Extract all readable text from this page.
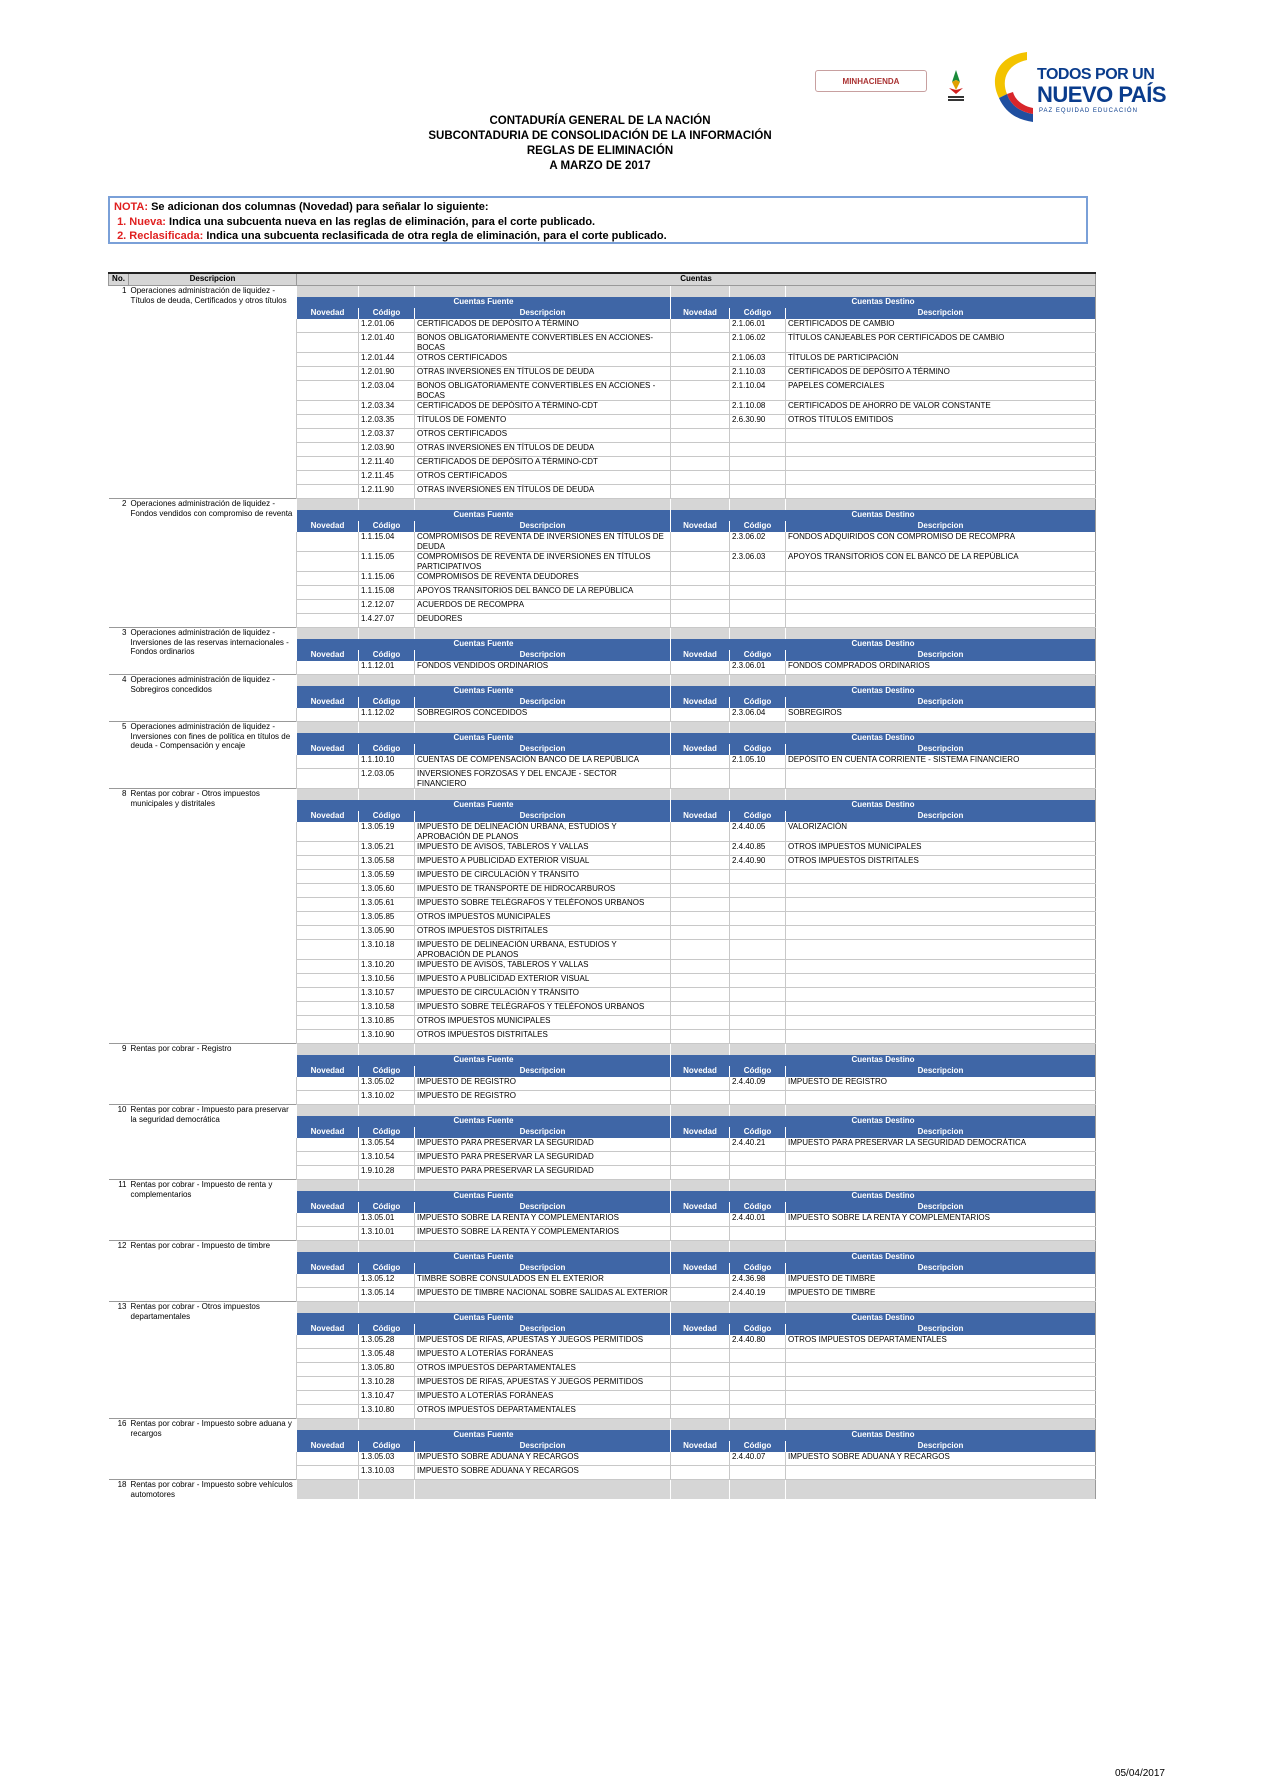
MINHACIENDA	TODOS POR UN
NUEVO PAÍS
PAZ EQUIDAD EDUCACIÓN
CONTADURÍA GENERAL DE LA NACIÓN
SUBCONTADURIA DE CONSOLIDACIÓN DE LA INFORMACIÓN
REGLAS DE ELIMINACIÓN
A MARZO DE 2017
NOTA: Se adicionan dos columnas (Novedad) para señalar lo siguiente:
1. Nueva: Indica una subcuenta nueva en las reglas de eliminación, para el corte publicado.
2. Reclasificada: Indica una subcuenta reclasificada de otra regla de eliminación, para el corte publicado.
No.	Descripcion	Cuentas					
1	Operaciones administración de liquidez - Títulos de deuda, Certificados y otros títulos						
		Cuentas Fuente			Cuentas Destino		
		Novedad	Código	Descripcion	Novedad	Código	Descripcion
			1.2.01.06	CERTIFICADOS DE DEPÓSITO A TÉRMINO		2.1.06.01	CERTIFICADOS DE CAMBIO
			1.2.01.40	BONOS OBLIGATORIAMENTE CONVERTIBLES EN ACCIONES- BOCAS		2.1.06.02	TÍTULOS CANJEABLES POR CERTIFICADOS DE CAMBIO
			1.2.01.44	OTROS CERTIFICADOS		2.1.06.03	TÍTULOS DE PARTICIPACIÓN
			1.2.01.90	OTRAS INVERSIONES EN TÍTULOS DE DEUDA		2.1.10.03	CERTIFICADOS DE DEPÓSITO A TÉRMINO
			1.2.03.04	BONOS OBLIGATORIAMENTE CONVERTIBLES EN ACCIONES - BOCAS		2.1.10.04	PAPELES COMERCIALES
			1.2.03.34	CERTIFICADOS DE DEPÓSITO A TÉRMINO-CDT		2.1.10.08	CERTIFICADOS DE AHORRO DE VALOR CONSTANTE
			1.2.03.35	TÍTULOS DE FOMENTO		2.6.30.90	OTROS TÍTULOS EMITIDOS
			1.2.03.37	OTROS CERTIFICADOS			
			1.2.03.90	OTRAS INVERSIONES EN TÍTULOS DE DEUDA			
			1.2.11.40	CERTIFICADOS DE DEPÓSITO A TÉRMINO-CDT			
			1.2.11.45	OTROS CERTIFICADOS			
			1.2.11.90	OTRAS INVERSIONES EN TÍTULOS DE DEUDA			
2	Operaciones administración de liquidez - Fondos vendidos con compromiso de reventa						
		Cuentas Fuente			Cuentas Destino		
		Novedad	Código	Descripcion	Novedad	Código	Descripcion
			1.1.15.04	COMPROMISOS DE REVENTA DE INVERSIONES EN TÍTULOS DE DEUDA		2.3.06.02	FONDOS ADQUIRIDOS CON COMPROMISO DE RECOMPRA
			1.1.15.05	COMPROMISOS DE REVENTA DE INVERSIONES EN TÍTULOS PARTICIPATIVOS		2.3.06.03	APOYOS TRANSITORIOS CON EL BANCO DE LA REPÚBLICA
			1.1.15.06	COMPROMISOS DE REVENTA DEUDORES			
			1.1.15.08	APOYOS TRANSITORIOS DEL BANCO DE LA REPÚBLICA			
			1.2.12.07	ACUERDOS DE RECOMPRA			
			1.4.27.07	DEUDORES			
3	Operaciones administración de liquidez - Inversiones de las reservas internacionales - Fondos ordinarios						
		Cuentas Fuente			Cuentas Destino		
		Novedad	Código	Descripcion	Novedad	Código	Descripcion
			1.1.12.01	FONDOS VENDIDOS ORDINARIOS		2.3.06.01	FONDOS COMPRADOS ORDINARIOS
4	Operaciones administración de liquidez - Sobregiros concedidos						
		Cuentas Fuente			Cuentas Destino		
		Novedad	Código	Descripcion	Novedad	Código	Descripcion
			1.1.12.02	SOBREGIROS CONCEDIDOS		2.3.06.04	SOBREGIROS
5	Operaciones administración de liquidez - Inversiones con fines de política en títulos de deuda - Compensación y encaje						
		Cuentas Fuente			Cuentas Destino		
		Novedad	Código	Descripcion	Novedad	Código	Descripcion
			1.1.10.10	CUENTAS DE COMPENSACIÓN BANCO DE LA REPÚBLICA		2.1.05.10	DEPÓSITO EN CUENTA CORRIENTE - SISTEMA FINANCIERO
			1.2.03.05	INVERSIONES FORZOSAS Y DEL ENCAJE - SECTOR FINANCIERO			
8	Rentas por cobrar - Otros impuestos municipales y distritales						
		Cuentas Fuente			Cuentas Destino		
		Novedad	Código	Descripcion	Novedad	Código	Descripcion
			1.3.05.19	IMPUESTO DE DELINEACIÓN URBANA, ESTUDIOS Y APROBACIÓN DE PLANOS		2.4.40.05	VALORIZACIÓN
			1.3.05.21	IMPUESTO DE AVISOS, TABLEROS Y VALLAS		2.4.40.85	OTROS IMPUESTOS MUNICIPALES
			1.3.05.58	IMPUESTO A PUBLICIDAD EXTERIOR VISUAL		2.4.40.90	OTROS IMPUESTOS DISTRITALES
			1.3.05.59	IMPUESTO DE CIRCULACIÓN Y TRÁNSITO			
			1.3.05.60	IMPUESTO DE TRANSPORTE DE HIDROCARBUROS			
			1.3.05.61	IMPUESTO SOBRE TELÉGRAFOS Y TELÉFONOS URBANOS			
			1.3.05.85	OTROS IMPUESTOS MUNICIPALES			
			1.3.05.90	OTROS IMPUESTOS DISTRITALES			
			1.3.10.18	IMPUESTO DE DELINEACIÓN URBANA, ESTUDIOS Y APROBACIÓN DE PLANOS			
			1.3.10.20	IMPUESTO DE AVISOS, TABLEROS Y VALLAS			
			1.3.10.56	IMPUESTO A PUBLICIDAD EXTERIOR VISUAL			
			1.3.10.57	IMPUESTO DE CIRCULACIÓN Y TRÁNSITO			
			1.3.10.58	IMPUESTO SOBRE TELÉGRAFOS Y TELÉFONOS URBANOS			
			1.3.10.85	OTROS IMPUESTOS MUNICIPALES			
			1.3.10.90	OTROS IMPUESTOS DISTRITALES			
9	Rentas por cobrar - Registro						
		Cuentas Fuente			Cuentas Destino		
		Novedad	Código	Descripcion	Novedad	Código	Descripcion
			1.3.05.02	IMPUESTO DE REGISTRO		2.4.40.09	IMPUESTO DE REGISTRO
			1.3.10.02	IMPUESTO DE REGISTRO			
10	Rentas por cobrar - Impuesto para preservar la seguridad democrática						
		Cuentas Fuente			Cuentas Destino		
		Novedad	Código	Descripcion	Novedad	Código	Descripcion
			1.3.05.54	IMPUESTO PARA PRESERVAR LA SEGURIDAD		2.4.40.21	IMPUESTO PARA PRESERVAR LA SEGURIDAD DEMOCRÁTICA
			1.3.10.54	IMPUESTO PARA PRESERVAR LA SEGURIDAD			
			1.9.10.28	IMPUESTO PARA PRESERVAR LA SEGURIDAD			
11	Rentas por cobrar - Impuesto de renta y complementarios						
		Cuentas Fuente			Cuentas Destino		
		Novedad	Código	Descripcion	Novedad	Código	Descripcion
			1.3.05.01	IMPUESTO SOBRE LA RENTA Y COMPLEMENTARIOS		2.4.40.01	IMPUESTO SOBRE LA RENTA Y COMPLEMENTARIOS
			1.3.10.01	IMPUESTO SOBRE LA RENTA Y COMPLEMENTARIOS			
12	Rentas por cobrar - Impuesto de timbre						
		Cuentas Fuente			Cuentas Destino		
		Novedad	Código	Descripcion	Novedad	Código	Descripcion
			1.3.05.12	TIMBRE SOBRE CONSULADOS EN EL EXTERIOR		2.4.36.98	IMPUESTO DE TIMBRE
			1.3.05.14	IMPUESTO DE TIMBRE NACIONAL SOBRE SALIDAS AL EXTERIOR		2.4.40.19	IMPUESTO DE TIMBRE
13	Rentas por cobrar - Otros impuestos departamentales						
		Cuentas Fuente			Cuentas Destino		
		Novedad	Código	Descripcion	Novedad	Código	Descripcion
			1.3.05.28	IMPUESTOS DE RIFAS, APUESTAS Y JUEGOS PERMITIDOS		2.4.40.80	OTROS IMPUESTOS DEPARTAMENTALES
			1.3.05.48	IMPUESTO A LOTERÍAS FORÁNEAS			
			1.3.05.80	OTROS IMPUESTOS DEPARTAMENTALES			
			1.3.10.28	IMPUESTOS DE RIFAS, APUESTAS Y JUEGOS PERMITIDOS			
			1.3.10.47	IMPUESTO A LOTERÍAS FORÁNEAS			
			1.3.10.80	OTROS IMPUESTOS DEPARTAMENTALES			
16	Rentas por cobrar - Impuesto sobre aduana y recargos						
		Cuentas Fuente			Cuentas Destino		
		Novedad	Código	Descripcion	Novedad	Código	Descripcion
			1.3.05.03	IMPUESTO SOBRE ADUANA Y RECARGOS		2.4.40.07	IMPUESTO SOBRE ADUANA Y RECARGOS
			1.3.10.03	IMPUESTO SOBRE ADUANA Y RECARGOS			
18	Rentas por cobrar - Impuesto sobre vehículos automotores						
05/04/2017
